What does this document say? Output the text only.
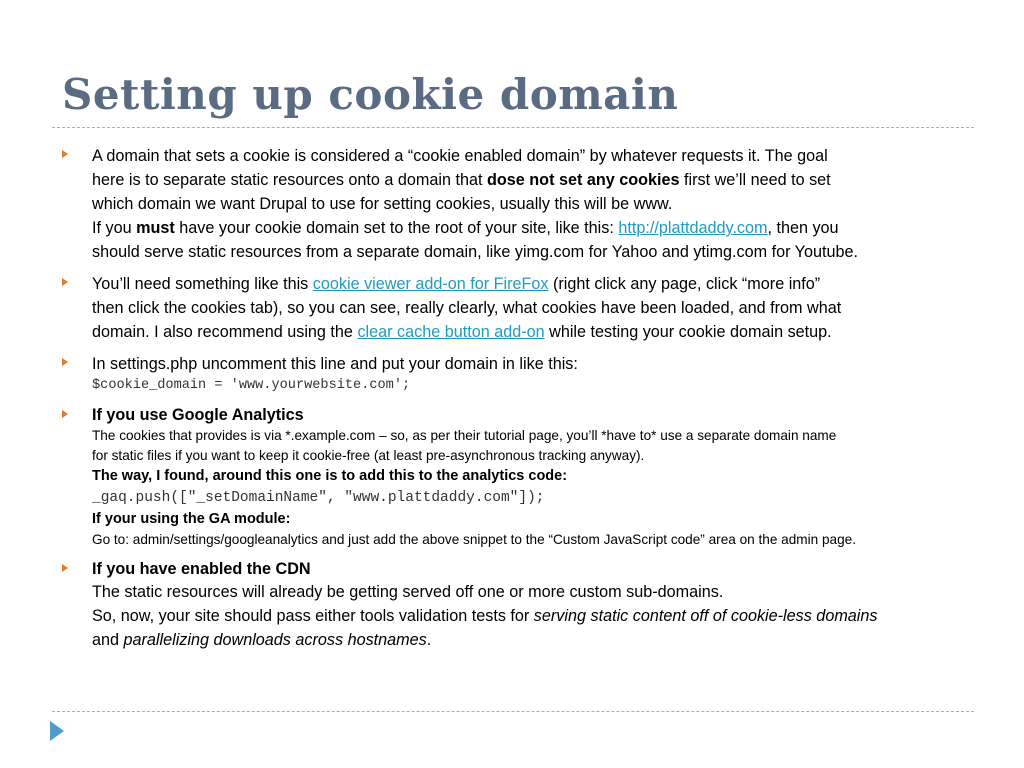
Setting up cookie domain
A domain that sets a cookie is considered a “cookie enabled domain” by whatever requests it. The goal
here is to separate static resources onto a domain that dose not set any cookies first we’ll need to set
which domain we want Drupal to use for setting cookies, usually this will be www.
If you must have your cookie domain set to the root of your site, like this: http://plattdaddy.com, then you
should serve static resources from a separate domain, like yimg.com for Yahoo and ytimg.com for Youtube.
You’ll need something like this cookie viewer add-on for FireFox (right click any page, click “more info”
then click the cookies tab), so you can see, really clearly, what cookies have been loaded, and from what
domain. I also recommend using the clear cache button add-on while testing your cookie domain setup.
In settings.php uncomment this line and put your domain in like this:
$cookie_domain = 'www.yourwebsite.com';
If you use Google Analytics
The cookies that provides is via *.example.com – so, as per their tutorial page, you’ll *have to* use a separate domain name
for static files if you want to keep it cookie-free (at least pre-asynchronous tracking anyway).
The way, I found, around this one is to add this to the analytics code:
_gaq.push(["_setDomainName", "www.plattdaddy.com"]);
If your using the GA module:
Go to: admin/settings/googleanalytics and just add the above snippet to the “Custom JavaScript code” area on the admin page.
If you have enabled the CDN
The static resources will already be getting served off one or more custom sub-domains.
So, now, your site should pass either tools validation tests for serving static content off of cookie-less domains
and parallelizing downloads across hostnames.
